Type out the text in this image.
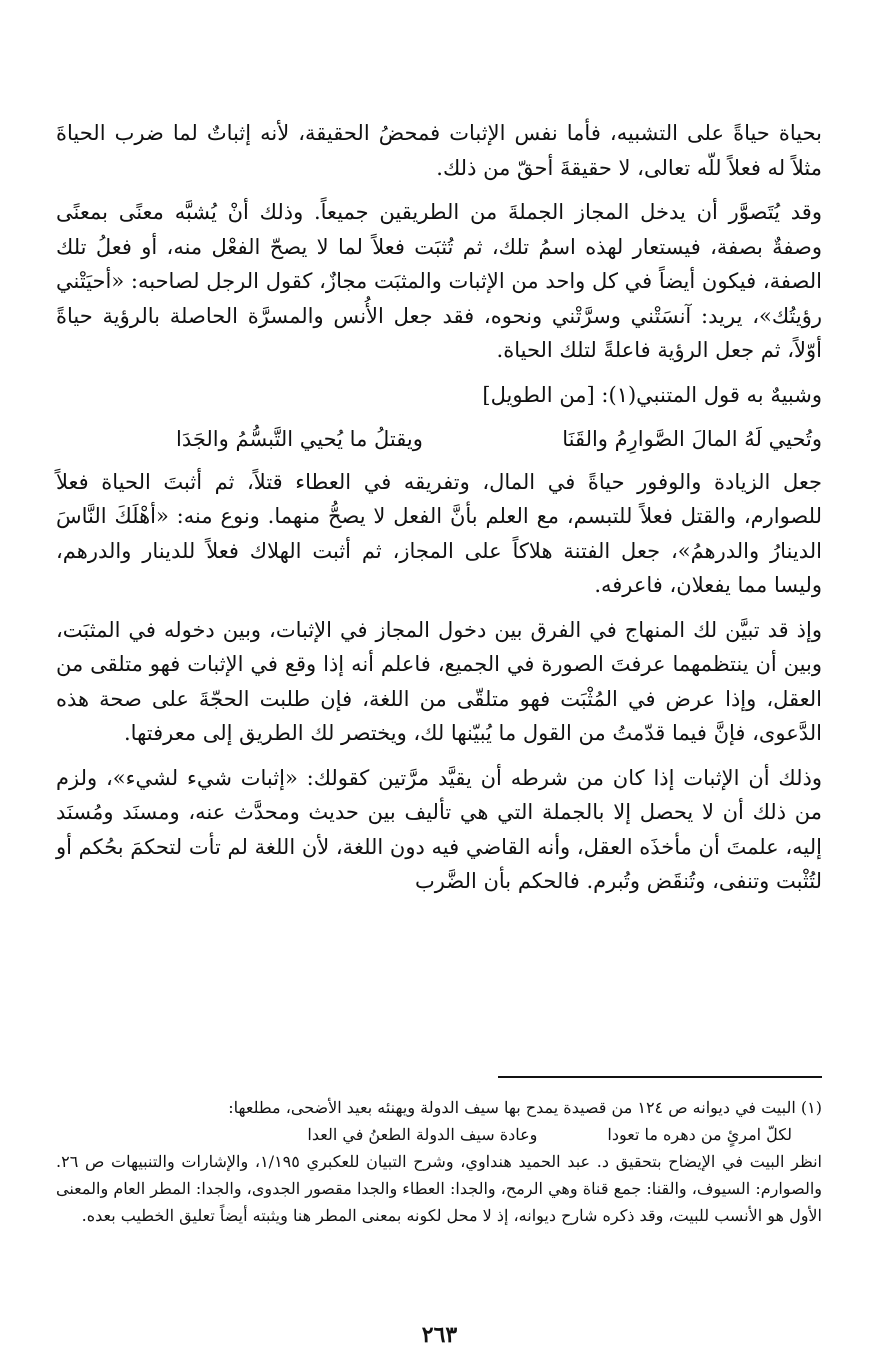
بحياة حياةً على التشبيه، فأما نفس الإثبات فمحضُ الحقيقة، لأنه إثباتٌ لما ضرب الحياةَ مثلاً له فعلاً للّه تعالى، لا حقيقةَ أحقّ من ذلك.

وقد يُتَصوَّر أن يدخل المجاز الجملةَ من الطريقين جميعاً. وذلك أنْ يُشبَّه معنًى بمعنًى وصفةٌ بصفة، فيستعار لهذه اسمُ تلك، ثم تُثبَت فعلاً لما لا يصحّ الفعْل منه، أو فعلُ تلك الصفة، فيكون أيضاً في كل واحد من الإثبات والمثبَت مجازٌ، كقول الرجل لصاحبه: «أحيَتْني رؤيتُك»، يريد: آنسَتْني وسرَّتْني ونحوه، فقد جعل الأُنس والمسرَّة الحاصلة بالرؤية حياةً أوّلاً، ثم جعل الرؤية فاعلةً لتلك الحياة.

وشبيهٌ به قول المتنبي(١): [من الطويل]

وتُحيي لَهُ المالَ الصَّوارِمُ والقَنَا
ويقتلُ ما يُحيي التَّبسُّمُ والجَدَا

جعل الزيادة والوفور حياةً في المال، وتفريقه في العطاء قتلاً، ثم أثبتَ الحياة فعلاً للصوارم، والقتل فعلاً للتبسم، مع العلم بأنَّ الفعل لا يصحُّ منهما. ونوع منه: «أهْلَكَ النَّاسَ الدينارُ والدرهمُ»، جعل الفتنة هلاكاً على المجاز، ثم أثبت الهلاك فعلاً للدينار والدرهم، وليسا مما يفعلان، فاعرفه.

وإذ قد تبيَّن لك المنهاج في الفرق بين دخول المجاز في الإثبات، وبين دخوله في المثبَت، وبين أن ينتظمهما عرفتَ الصورة في الجميع، فاعلم أنه إذا وقع في الإثبات فهو متلقى من العقل، وإذا عرض في المُثْبَت فهو متلقّى من اللغة، فإن طلبت الحجّةَ على صحة هذه الدَّعوى، فإنَّ فيما قدّمتُ من القول ما يُبيّنها لك، ويختصر لك الطريق إلى معرفتها.

وذلك أن الإثبات إذا كان من شرطه أن يقيَّد مرَّتين كقولك: «إثبات شيء لشيء»، ولزم من ذلك أن لا يحصل إلا بالجملة التي هي تأليف بين حديث ومحدَّث عنه، ومسنَد ومُسنَد إليه، علمتَ أن مأخذَه العقل، وأنه القاضي فيه دون اللغة، لأن اللغة لم تأت لتحكمَ بحُكم أو لتُثْبت وتنفى، وتُنقَض وتُبرم. فالحكم بأن الضَّرب

(١) البيت في ديوانه ص ١٢٤ من قصيدة يمدح بها سيف الدولة ويهنئه بعيد الأضحى، مطلعها:

لكلّ امرئٍ من دهره ما تعودا
وعادة سيف الدولة الطعنُ في العدا

انظر البيت في الإيضاح بتحقيق د. عبد الحميد هنداوي، وشرح التبيان للعكبري ١/١٩٥، والإشارات والتنبيهات ص ٢٦. والصوارم: السيوف، والقنا: جمع قناة وهي الرمح، والجدا: العطاء والجدا مقصور الجدوى، والجدا: المطر العام والمعنى الأول هو الأنسب للبيت، وقد ذكره شارح ديوانه، إذ لا محل لكونه بمعنى المطر هنا ويثبته أيضاً تعليق الخطيب بعده.

٢٦٣
